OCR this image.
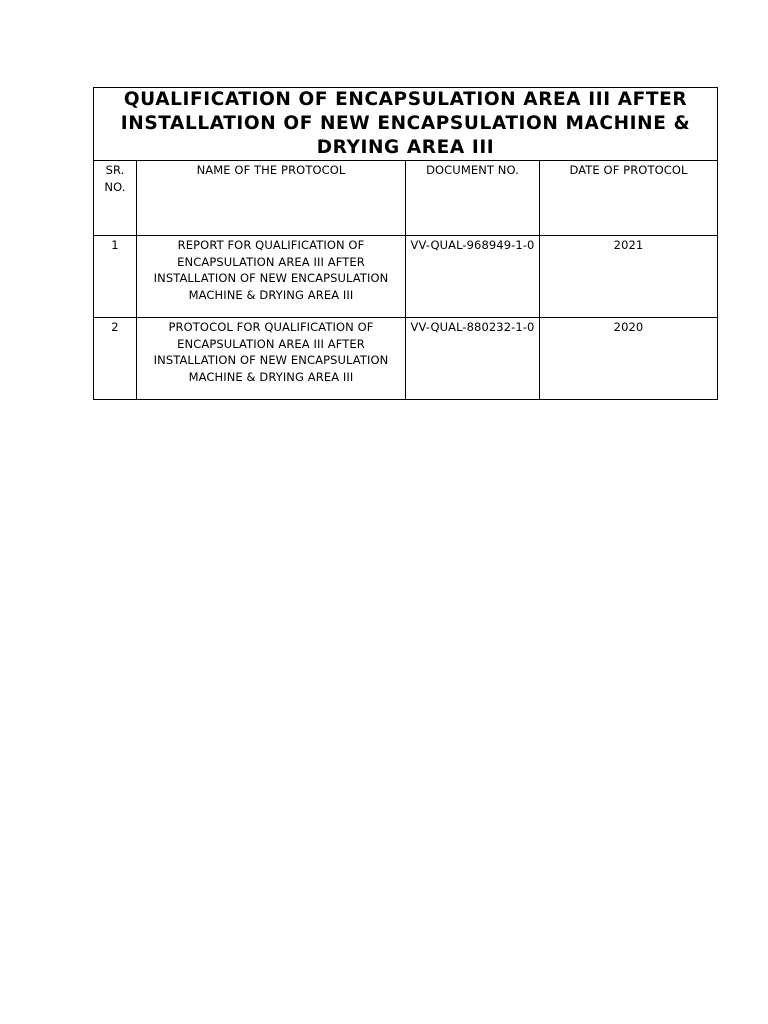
QUALIFICATION OF ENCAPSULATION AREA III AFTER INSTALLATION OF NEW ENCAPSULATION MACHINE & DRYING AREA III			

SR. NO.	NAME OF THE PROTOCOL	DOCUMENT NO.	DATE OF PROTOCOL

1	REPORT FOR QUALIFICATION OF ENCAPSULATION AREA III AFTER INSTALLATION OF NEW ENCAPSULATION MACHINE & DRYING AREA III	VV-QUAL-968949-1-0	2021

2	PROTOCOL FOR QUALIFICATION OF ENCAPSULATION AREA III AFTER INSTALLATION OF NEW ENCAPSULATION MACHINE & DRYING AREA III	VV-QUAL-880232-1-0	2020
